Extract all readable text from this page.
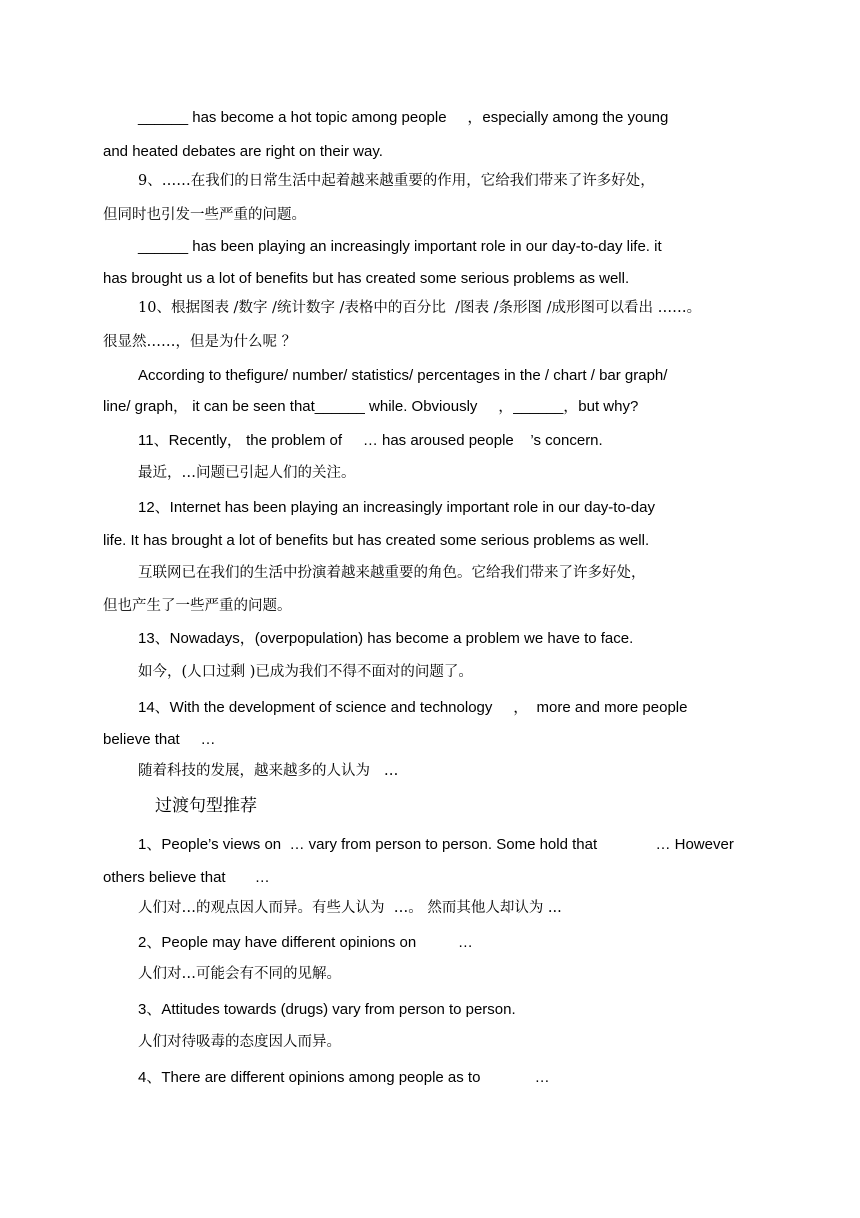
______ has become a hot topic among people     ，especially among the young

and heated debates are right on their way.

9、……在我们的日常生活中起着越来越重要的作用，它给我们带来了许多好处，

但同时也引发一些严重的问题。

______ has been playing an increasingly important role in our day-to-day life. it

has brought us a lot of benefits but has created some serious problems as well.

10、根据图表 /数字 /统计数字 /表格中的百分比  /图表 /条形图 /成形图可以看出 ……。

很显然……，但是为什么呢 ？

According to thefigure/ number/ statistics/ percentages in the / chart / bar graph/

line/ graph， it can be seen that______ while. Obviously     ，______，but why?

11、Recently， the problem of     … has aroused people    ’s concern.

最近，…问题已引起人们的关注。

12、Internet has been playing an increasingly important role in our day-to-day

life. It has brought a lot of benefits but has created some serious problems as well.

互联网已在我们的生活中扮演着越来越重要的角色。它给我们带来了许多好处，

但也产生了一些严重的问题。

13、Nowadays，(overpopulation) has become a problem we have to face.

如今，(人口过剩 )已成为我们不得不面对的问题了。

14、With the development of science and technology     ，  more and more people

believe that     …

随着科技的发展，越来越多的人认为   …

过渡句型推荐

1、People’s views on  … vary from person to person. Some hold that              … However

others believe that       …

人们对…的观点因人而异。有些人认为  …。 然而其他人却认为 ...

2、People may have different opinions on          …

人们对…可能会有不同的见解。

3、Attitudes towards (drugs) vary from person to person.

人们对待吸毒的态度因人而异。

4、There are different opinions among people as to             …
